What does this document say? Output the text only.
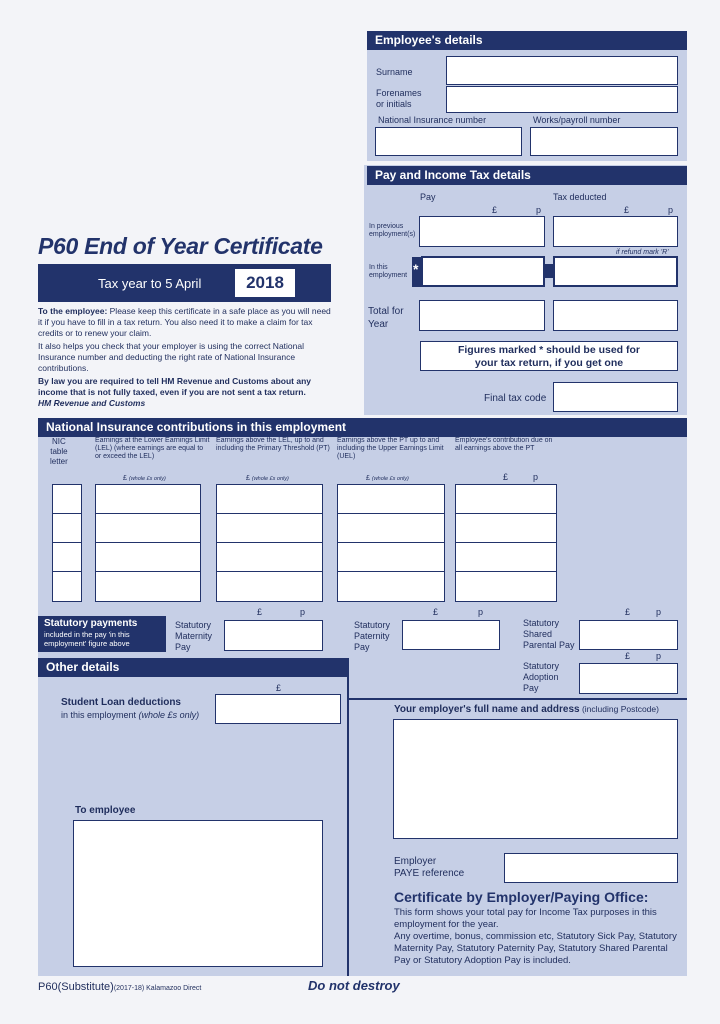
Employee's details
Surname
Forenames
or initials
National Insurance number	Works/payroll number
Pay and Income Tax details
Pay	Tax deducted
£	p	£	p
In previous employment(s)
if refund mark 'R'
In this employment *
Total for Year
Figures marked * should be used for
your tax return, if you get one
Final tax code
P60 End of Year Certificate
Tax year to 5 April	2018
To the employee: Please keep this certificate in a safe place as you will need it if you have to fill in a tax return. You also need it to make a claim for tax credits or to renew your claim.
It also helps you check that your employer is using the correct National Insurance number and deducting the right rate of National Insurance contributions.
By law you are required to tell HM Revenue and Customs about any income that is not fully taxed, even if you are not sent a tax return.
HM Revenue and Customs
National Insurance contributions in this employment
NIC
table
letter
Earnings at the Lower Earnings Limit (LEL) (where earnings are equal to or exceed the LEL)
Earnings above the LEL, up to and including the Primary Threshold (PT)
Earnings above the PT up to and including the Upper Earnings Limit (UEL)
Employee's contribution due on all earnings above the PT
£ (whole £s only)	£ (whole £s only)	£ (whole £s only)	£	p
Statutory payments
included in the pay 'in this employment' figure above
Statutory
Maternity
Pay
£	p
Statutory
Paternity
Pay
£	p
Statutory
Shared
Parental Pay
£	p
Statutory
Adoption
Pay
£	p
Other details
Student Loan deductions
in this employment (whole £s only)
£
To employee
Your employer's full name and address (including Postcode)
Employer
PAYE reference
Certificate by Employer/Paying Office:
This form shows your total pay for Income Tax purposes in this employment for the year.
Any overtime, bonus, commission etc, Statutory Sick Pay, Statutory Maternity Pay, Statutory Paternity Pay, Statutory Shared Parental Pay or Statutory Adoption Pay is included.
P60(Substitute)(2017-18) Kalamazoo Direct	Do not destroy
